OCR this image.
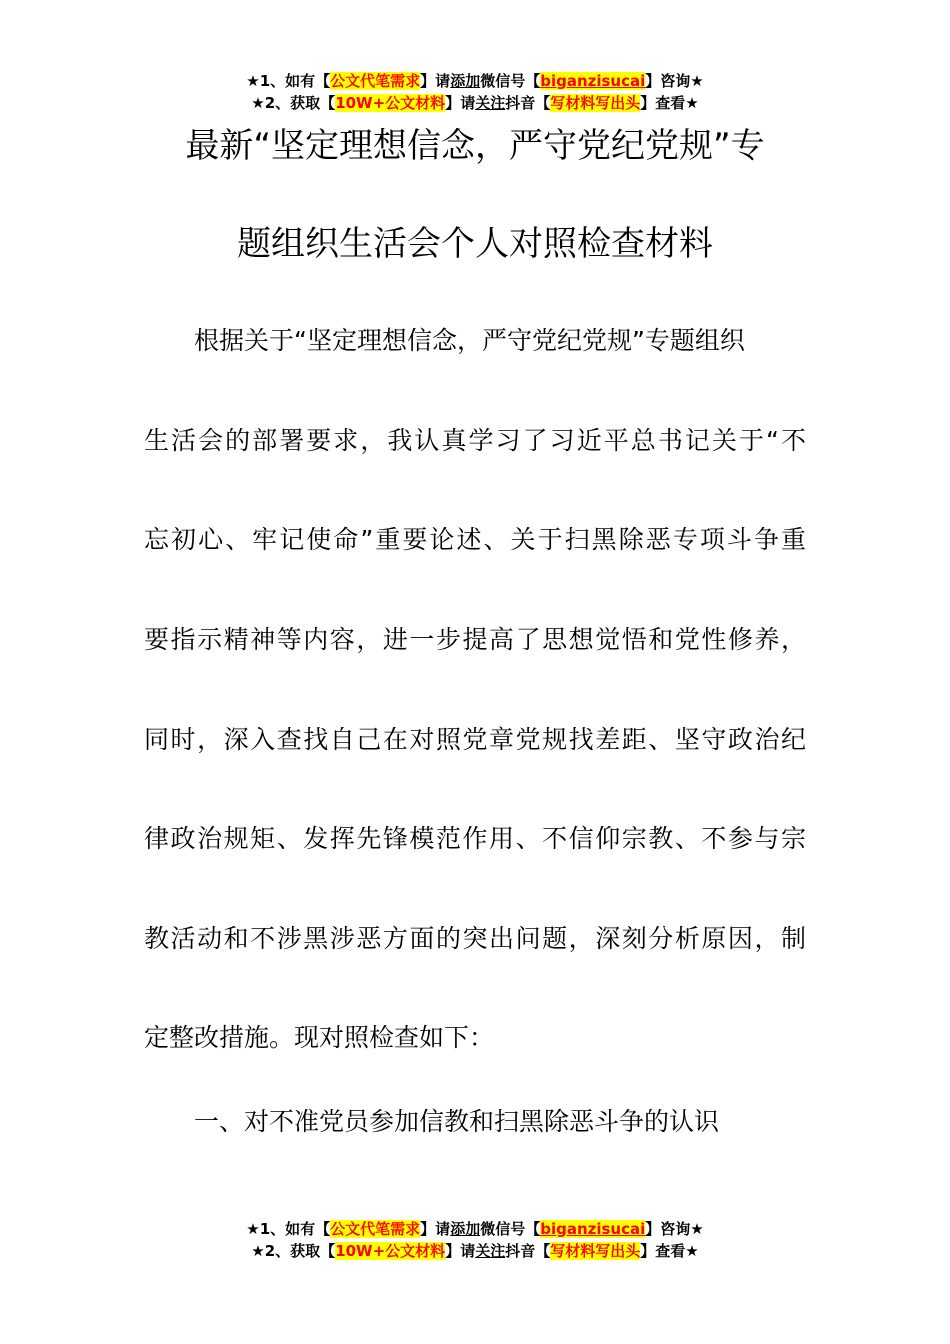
★1、如有【公文代笔需求】请添加微信号【biganzisucai】咨询★
★2、获取【10W+公文材料】请关注抖音【写材料写出头】查看★
最新“坚定理想信念，严守党纪党规”专
题组织生活会个人对照检查材料
根据关于“坚定理想信念，严守党纪党规”专题组织
生活会的部署要求，我认真学习了习近平总书记关于“不
忘初心、牢记使命”重要论述、关于扫黑除恶专项斗争重
要指示精神等内容，进一步提高了思想觉悟和党性修养，
同时，深入查找自己在对照党章党规找差距、坚守政治纪
律政治规矩、发挥先锋模范作用、不信仰宗教、不参与宗
教活动和不涉黑涉恶方面的突出问题，深刻分析原因，制
定整改措施。现对照检查如下：
一、对不准党员参加信教和扫黑除恶斗争的认识
★1、如有【公文代笔需求】请添加微信号【biganzisucai】咨询★
★2、获取【10W+公文材料】请关注抖音【写材料写出头】查看★
